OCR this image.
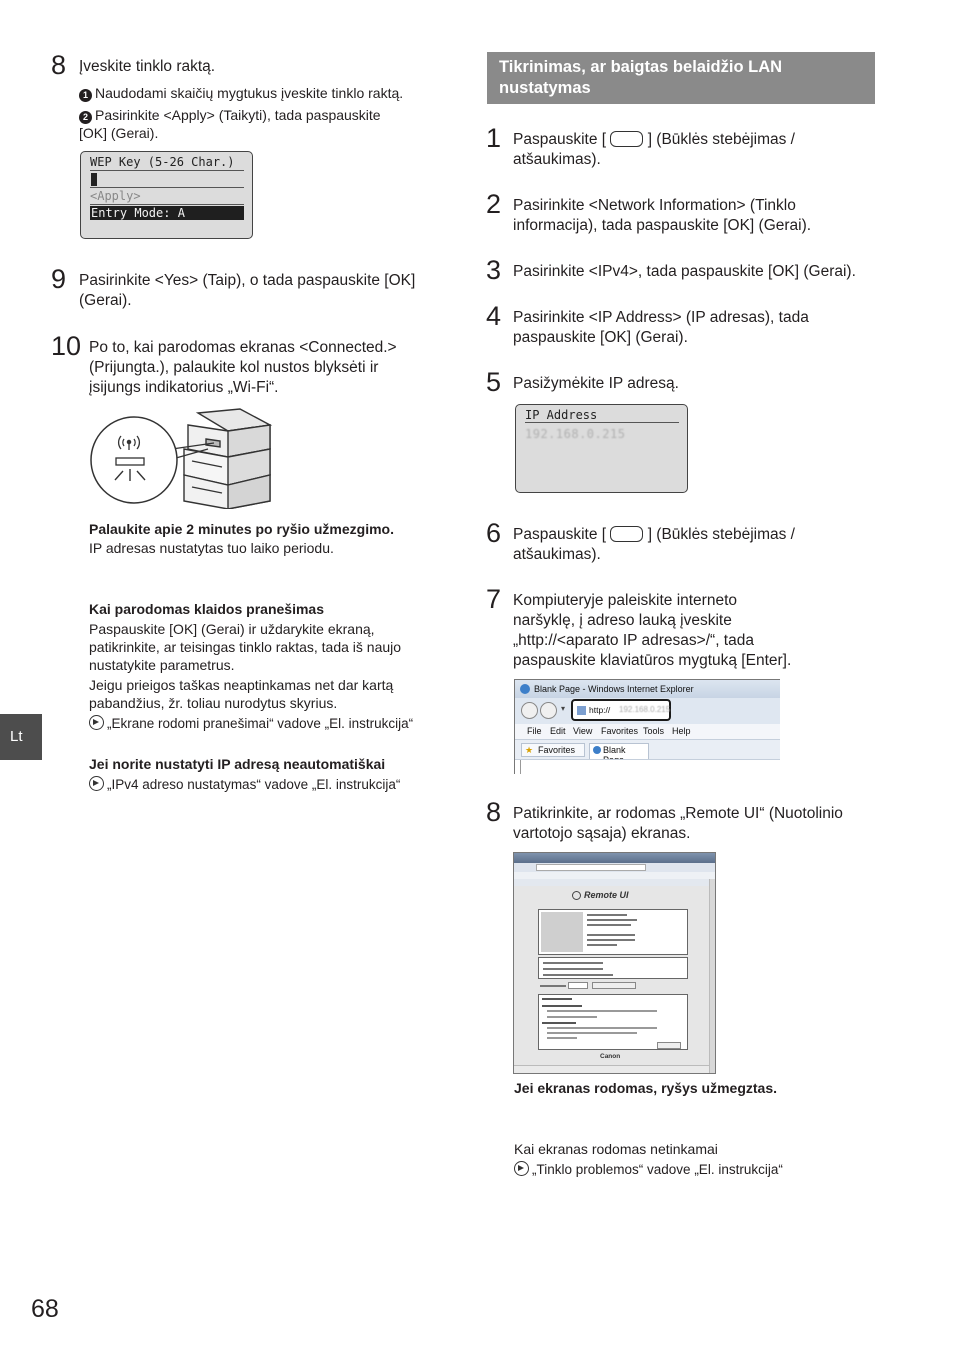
8 Įveskite tinklo raktą.
1 Naudodami skaičių mygtukus įveskite tinklo raktą.
2 Pasirinkite <Apply> (Taikyti), tada paspauskite
[OK] (Gerai).
WEP Key (5-26 Char.)
<Apply>
Entry Mode: A
9 Pasirinkite <Yes> (Taip), o tada paspauskite [OK]
(Gerai).
10 Po to, kai parodomas ekranas <Connected.>
(Prijungta.), palaukite kol nustos blyksėti ir
įsijungs indikatorius „Wi-Fi“.
Palaukite apie 2 minutes po ryšio užmezgimo.
IP adresas nustatytas tuo laiko periodu.
Kai parodomas klaidos pranešimas
Paspauskite [OK] (Gerai) ir uždarykite ekraną,
patikrinkite, ar teisingas tinklo raktas, tada iš naujo
nustatykite parametrus.
Jeigu prieigos taškas neaptinkamas net dar kartą
pabandžius, žr. toliau nurodytus skyrius.
„Ekrane rodomi pranešimai“ vadove „El. instrukcija“
Jei norite nustatyti IP adresą neautomatiškai
„IPv4 adreso nustatymas“ vadove „El. instrukcija“
Lt
68
Tikrinimas, ar baigtas belaidžio LAN
nustatymas
1 Paspauskite [	] (Būklės stebėjimas /
atšaukimas).
2 Pasirinkite <Network Information> (Tinklo
informacija), tada paspauskite [OK] (Gerai).
3 Pasirinkite <IPv4>, tada paspauskite [OK] (Gerai).
4 Pasirinkite <IP Address> (IP adresas), tada
paspauskite [OK] (Gerai).
5 Pasižymėkite IP adresą.
IP Address
192.168.0.215
6 Paspauskite [	] (Būklės stebėjimas /
atšaukimas).
7 Kompiuteryje paleiskite interneto
naršyklę, į adreso lauką įveskite
„http://<aparato IP adresas>/“, tada
paspauskite klaviatūros mygtuką [Enter].
Blank Page - Windows Internet Explorer
▾	http:// 192.168.0.215
File Edit View Favorites Tools Help
★ Favorites	Blank
8 Patikrinkite, ar rodomas „Remote UI“ (Nuotolinio
vartotojo sąsaja) ekranas.
Remote UI
Canon
Jei ekranas rodomas, ryšys užmegztas.
Kai ekranas rodomas netinkamai
„Tinklo problemos“ vadove „El. instrukcija“
